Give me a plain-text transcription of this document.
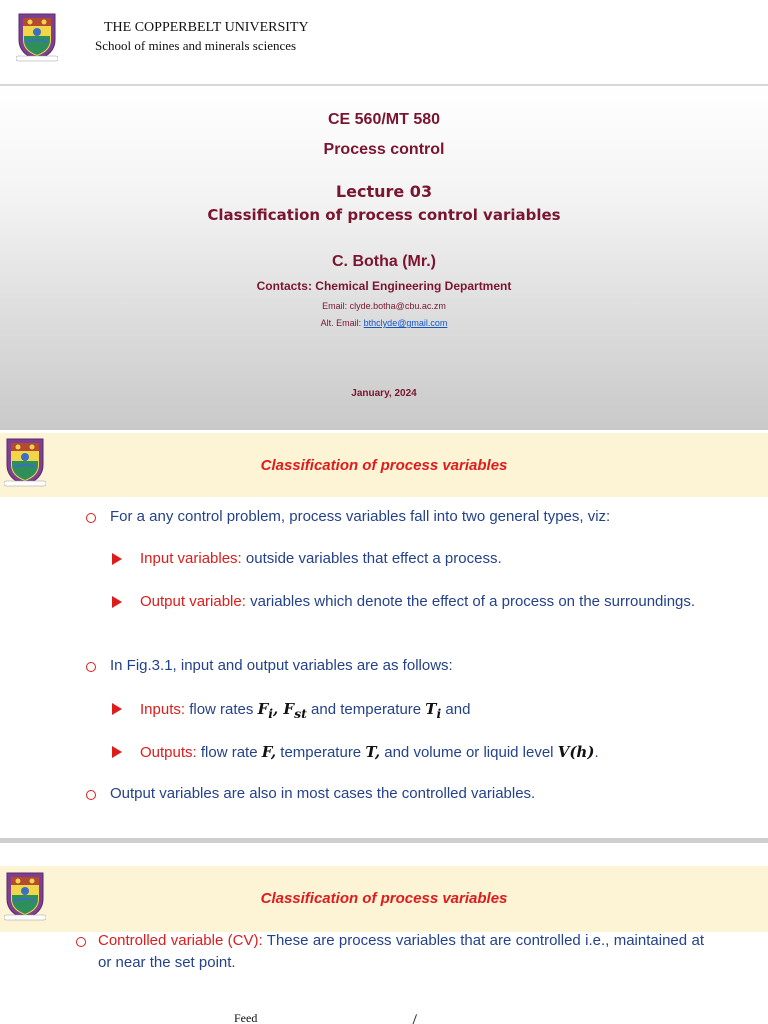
THE COPPERBELT UNIVERSITY
School of mines and minerals sciences
CE 560/MT 580
Process control
Lecture 03
Classification of process control variables
C. Botha (Mr.)
Contacts: Chemical Engineering Department
Email: clyde.botha@cbu.ac.zm
Alt. Email: bthclyde@gmail.com
January, 2024
Classification of process variables
For a any control problem, process variables fall into two general types, viz:
Input variables: outside variables that effect a process.
Output variable: variables which denote the effect of a process on the surroundings.
In Fig.3.1, input and output variables are as follows:
Inputs: flow rates $F_i$, $F_{st}$ and temperature $T_i$ and
Outputs: flow rate F, temperature T, and volume or liquid level V(h).
Output variables are also in most cases the controlled variables.
Classification of process variables
Controlled variable (CV): These are process variables that are controlled i.e., maintained at or near the set point.
Feed
